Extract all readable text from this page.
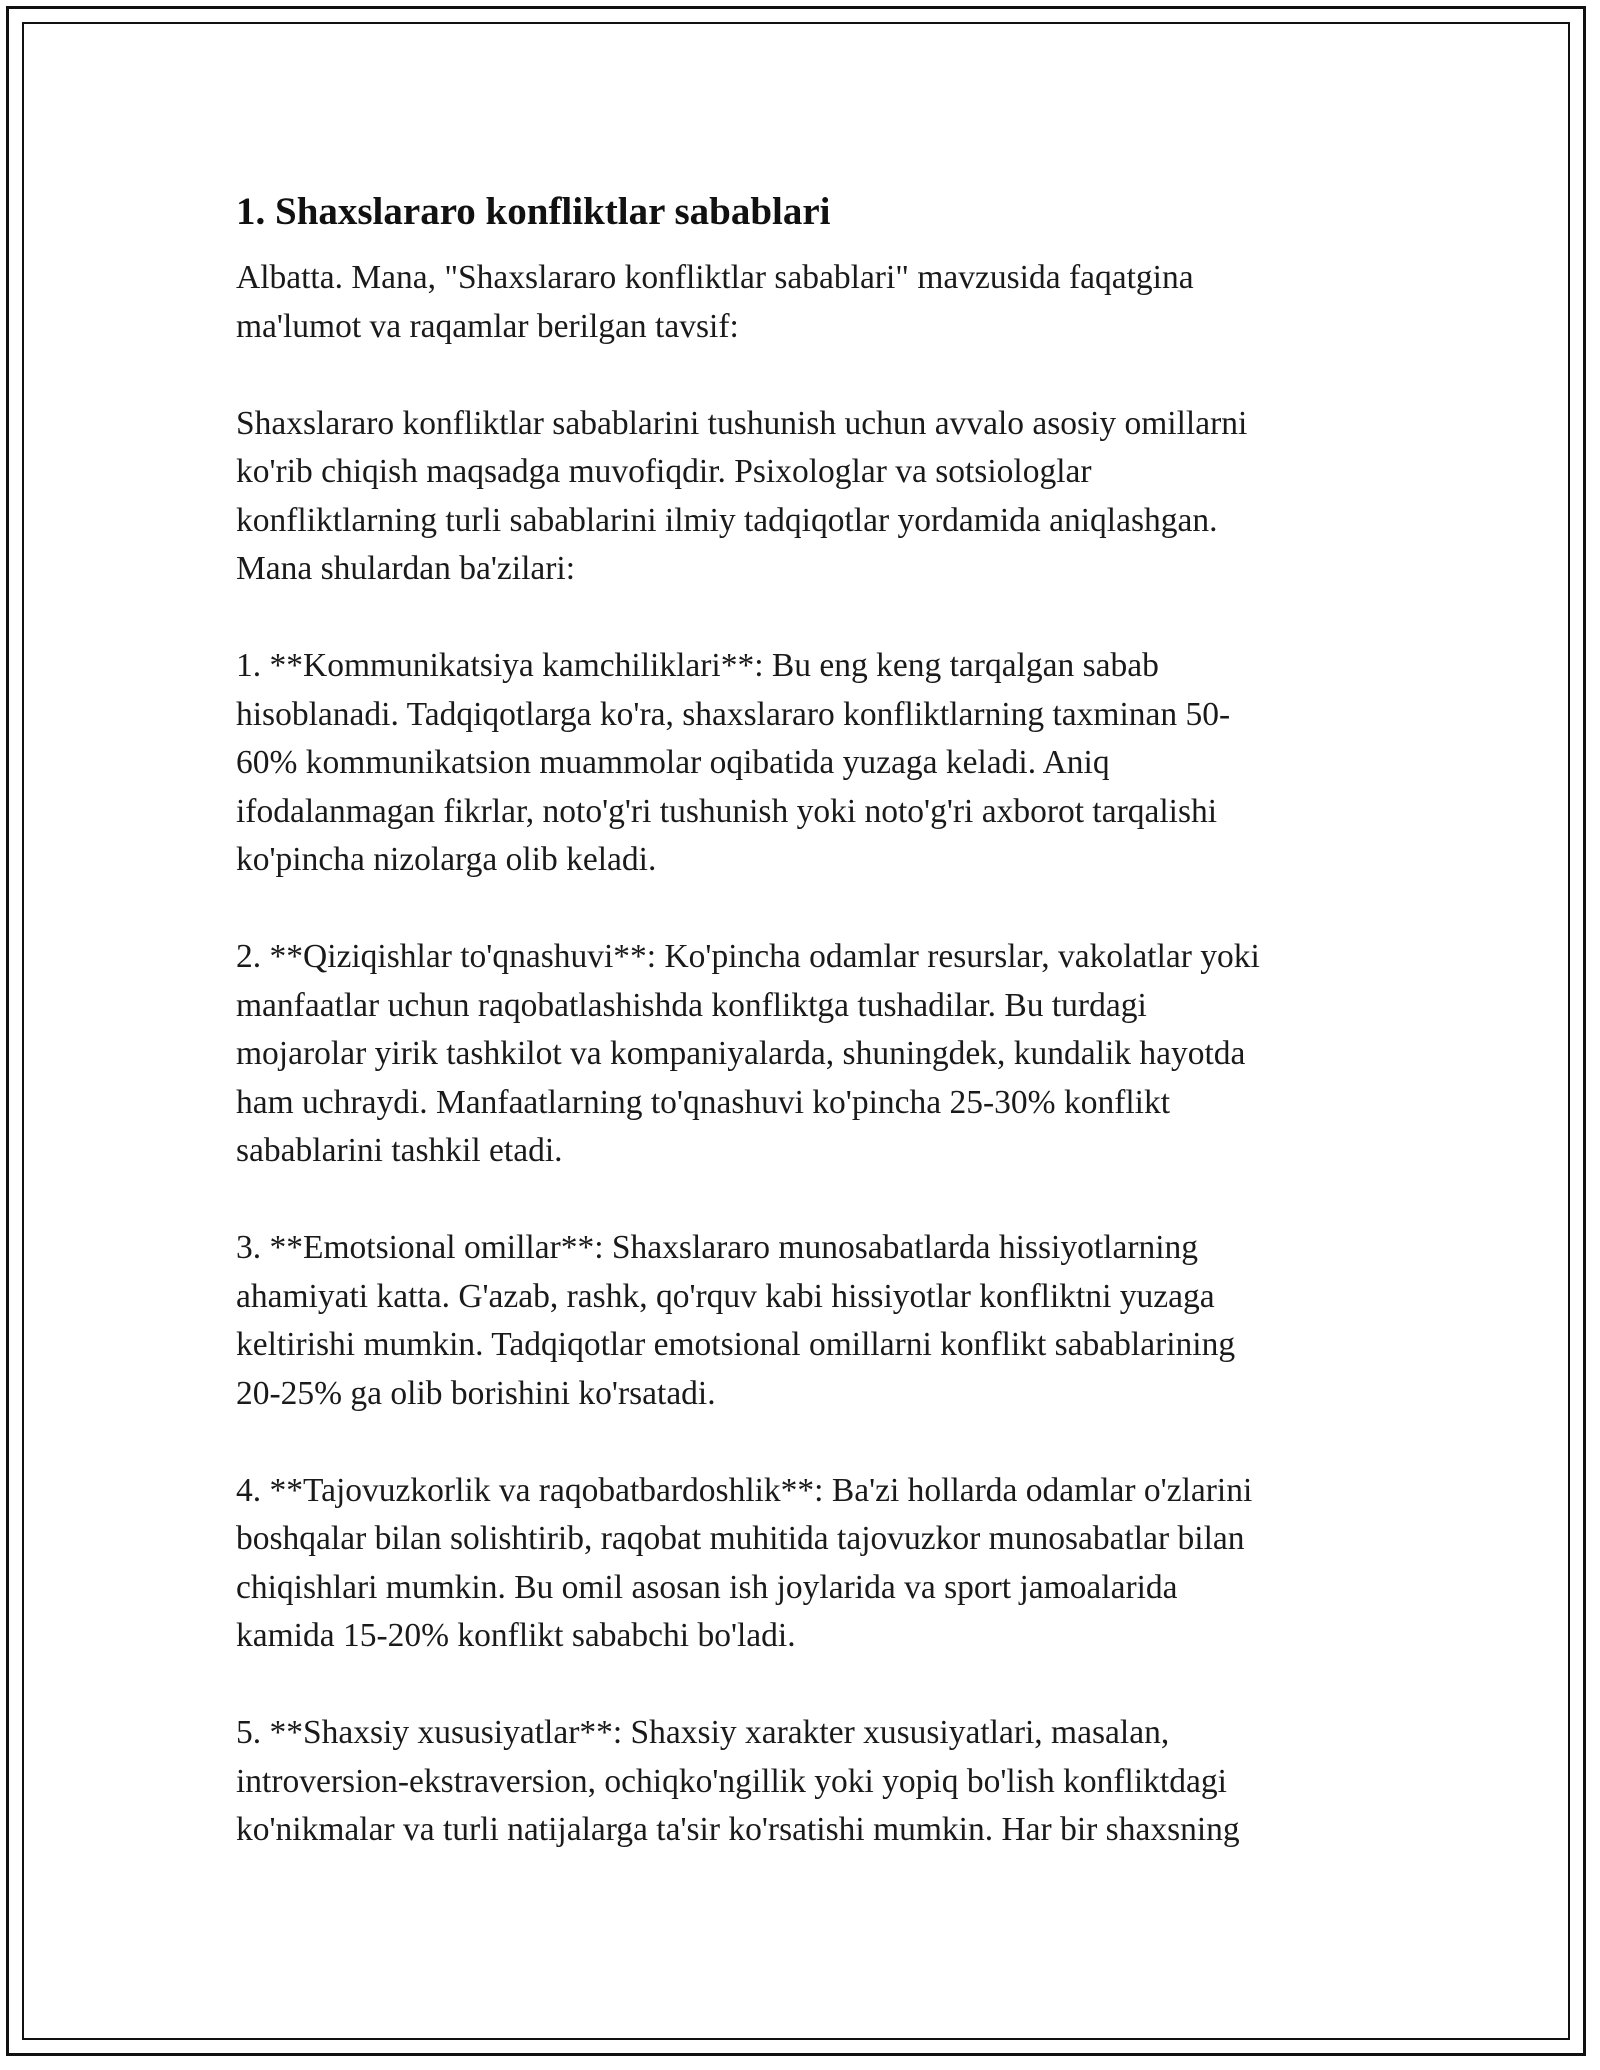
1. Shaxslararo konfliktlar sabablari

Albatta. Mana, "Shaxslararo konfliktlar sabablari" mavzusida faqatgina
ma'lumot va raqamlar berilgan tavsif:

Shaxslararo konfliktlar sabablarini tushunish uchun avvalo asosiy omillarni
ko'rib chiqish maqsadga muvofiqdir. Psixologlar va sotsiologlar
konfliktlarning turli sabablarini ilmiy tadqiqotlar yordamida aniqlashgan.
Mana shulardan ba'zilari:

1. **Kommunikatsiya kamchiliklari**: Bu eng keng tarqalgan sabab
hisoblanadi. Tadqiqotlarga ko'ra, shaxslararo konfliktlarning taxminan 50-
60% kommunikatsion muammolar oqibatida yuzaga keladi. Aniq
ifodalanmagan fikrlar, noto'g'ri tushunish yoki noto'g'ri axborot tarqalishi
ko'pincha nizolarga olib keladi.

2. **Qiziqishlar to'qnashuvi**: Ko'pincha odamlar resurslar, vakolatlar yoki
manfaatlar uchun raqobatlashishda konfliktga tushadilar. Bu turdagi
mojarolar yirik tashkilot va kompaniyalarda, shuningdek, kundalik hayotda
ham uchraydi. Manfaatlarning to'qnashuvi ko'pincha 25-30% konflikt
sabablarini tashkil etadi.

3. **Emotsional omillar**: Shaxslararo munosabatlarda hissiyotlarning
ahamiyati katta. G'azab, rashk, qo'rquv kabi hissiyotlar konfliktni yuzaga
keltirishi mumkin. Tadqiqotlar emotsional omillarni konflikt sabablarining
20-25% ga olib borishini ko'rsatadi.

4. **Tajovuzkorlik va raqobatbardoshlik**: Ba'zi hollarda odamlar o'zlarini
boshqalar bilan solishtirib, raqobat muhitida tajovuzkor munosabatlar bilan
chiqishlari mumkin. Bu omil asosan ish joylarida va sport jamoalarida
kamida 15-20% konflikt sababchi bo'ladi.

5. **Shaxsiy xususiyatlar**: Shaxsiy xarakter xususiyatlari, masalan,
introversion-ekstraversion, ochiqko'ngillik yoki yopiq bo'lish konfliktdagi
ko'nikmalar va turli natijalarga ta'sir ko'rsatishi mumkin. Har bir shaxsning
